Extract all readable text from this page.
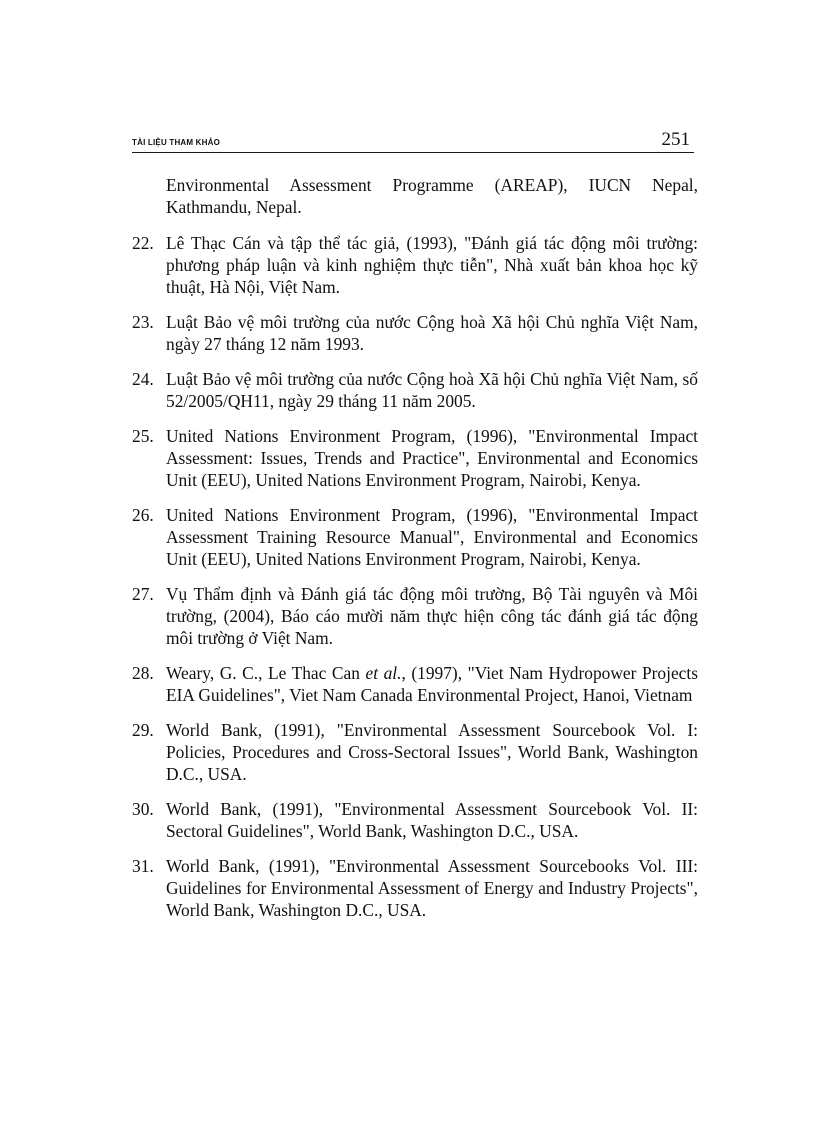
TÀI LIỆU THAM KHẢO	251
Environmental Assessment Programme (AREAP), IUCN Nepal, Kathmandu, Nepal.
22. Lê Thạc Cán và tập thể tác giả, (1993), "Đánh giá tác động môi trường: phương pháp luận và kinh nghiệm thực tiễn", Nhà xuất bản khoa học kỹ thuật, Hà Nội, Việt Nam.
23. Luật Bảo vệ môi trường của nước Cộng hoà Xã hội Chủ nghĩa Việt Nam, ngày 27 tháng 12 năm 1993.
24. Luật Bảo vệ môi trường của nước Cộng hoà Xã hội Chủ nghĩa Việt Nam, số 52/2005/QH11, ngày 29 tháng 11 năm 2005.
25. United Nations Environment Program, (1996), "Environmental Impact Assessment: Issues, Trends and Practice", Environmental and Economics Unit (EEU), United Nations Environment Program, Nairobi, Kenya.
26. United Nations Environment Program, (1996), "Environmental Impact Assessment Training Resource Manual", Environmental and Economics Unit (EEU), United Nations Environment Program, Nairobi, Kenya.
27. Vụ Thẩm định và Đánh giá tác động môi trường, Bộ Tài nguyên và Môi trường, (2004), Báo cáo mười năm thực hiện công tác đánh giá tác động môi trường ở Việt Nam.
28. Weary, G. C., Le Thac Can et al., (1997), "Viet Nam Hydropower Projects EIA Guidelines", Viet Nam Canada Environmental Project, Hanoi, Vietnam
29. World Bank, (1991), "Environmental Assessment Sourcebook Vol. I: Policies, Procedures and Cross-Sectoral Issues", World Bank, Washington D.C., USA.
30. World Bank, (1991), "Environmental Assessment Sourcebook Vol. II: Sectoral Guidelines", World Bank, Washington D.C., USA.
31. World Bank, (1991), "Environmental Assessment Sourcebooks Vol. III: Guidelines for Environmental Assessment of Energy and Industry Projects", World Bank, Washington D.C., USA.
